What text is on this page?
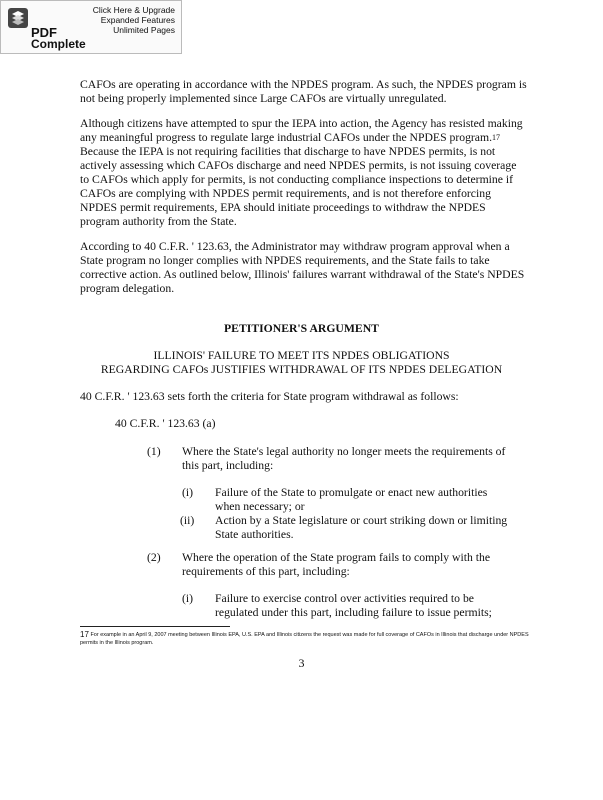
PDF
Complete
Click Here & Upgrade
Expanded Features
Unlimited Pages
CAFOs are operating in accordance with the NPDES program. As such, the NPDES program is not being properly implemented since Large CAFOs are virtually unregulated.
Although citizens have attempted to spur the IEPA into action, the Agency has resisted making any meaningful progress to regulate large industrial CAFOs under the NPDES program.$^{17}$ Because the IEPA is not requiring facilities that discharge to have NPDES permits, is not actively assessing which CAFOs discharge and need NPDES permits, is not issuing coverage to CAFOs which apply for permits, is not conducting compliance inspections to determine if CAFOs are complying with NPDES permit requirements, and is not therefore enforcing NPDES permit requirements, EPA should initiate proceedings to withdraw the NPDES program authority from the State.
According to 40 C.F.R. ' 123.63, the Administrator may withdraw program approval when a State program no longer complies with NPDES requirements, and the State fails to take corrective action. As outlined below, Illinois' failures warrant withdrawal of the State's NPDES program delegation.
PETITIONER'S ARGUMENT
ILLINOIS' FAILURE TO MEET ITS NPDES OBLIGATIONS
REGARDING CAFOs JUSTIFIES WITHDRAWAL OF ITS NPDES DELEGATION
40 C.F.R. ' 123.63 sets forth the criteria for State program withdrawal as follows:
40 C.F.R. ' 123.63 (a)
(1) Where the State's legal authority no longer meets the requirements of this part, including:
(i) Failure of the State to promulgate or enact new authorities when necessary; or
(ii) Action by a State legislature or court striking down or limiting State authorities.
(2) Where the operation of the State program fails to comply with the requirements of this part, including:
(i) Failure to exercise control over activities required to be regulated under this part, including failure to issue permits;
$^{17}$ For example in an April 9, 2007 meeting between Illinois EPA, U.S. EPA and Illinois citizens the request was made for full coverage of CAFOs in Illinois that discharge under NPDES permits in the Illinois program.
3
